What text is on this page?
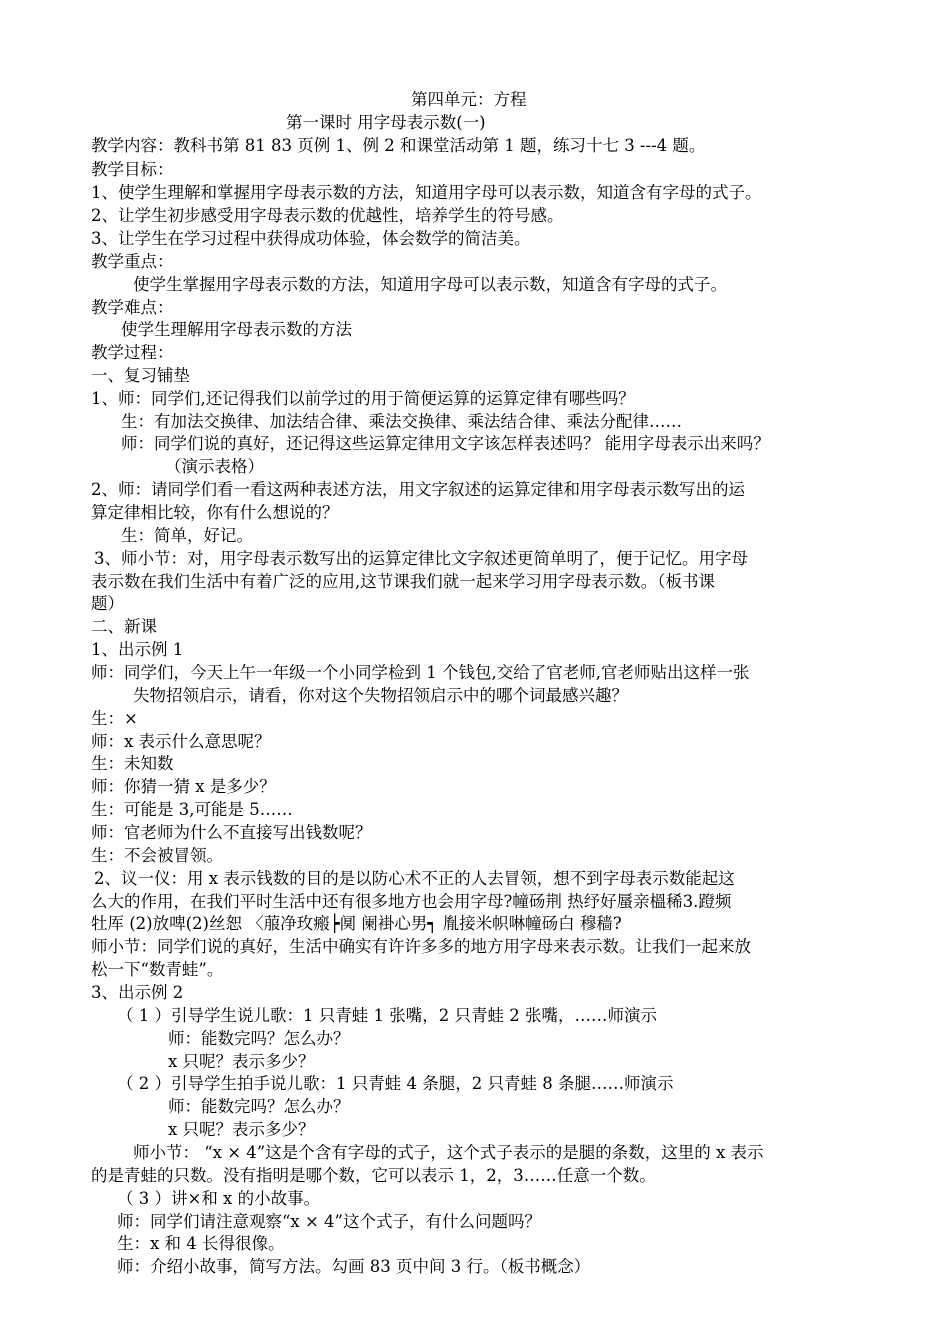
第四单元：方程
第一课时 用字母表示数(一)
教学内容：教科书第 81 83 页例 1、例 2 和课堂活动第 1 题，练习十七 3 ---4 题。
教学目标：
1、使学生理解和掌握用字母表示数的方法，知道用字母可以表示数，知道含有字母的式子。
2、让学生初步感受用字母表示数的优越性，培养学生的符号感。
3、让学生在学习过程中获得成功体验，体会数学的简洁美。
教学重点：
使学生掌握用字母表示数的方法，知道用字母可以表示数，知道含有字母的式子。
教学难点：
使学生理解用字母表示数的方法
教学过程：
一、复习铺垫
1、师：同学们,还记得我们以前学过的用于简便运算的运算定律有哪些吗？
生：有加法交换律、加法结合律、乘法交换律、乘法结合律、乘法分配律……
师：同学们说的真好，还记得这些运算定律用文字该怎样表述吗？ 能用字母表示出来吗？
（演示表格）
2、师：请同学们看一看这两种表述方法，用文字叙述的运算定律和用字母表示数写出的运
算定律相比较，你有什么想说的？
生：简单，好记。
3、师小节：对，用字母表示数写出的运算定律比文字叙述更简单明了，便于记忆。用字母
表示数在我们生活中有着广泛的应用,这节课我们就一起来学习用字母表示数。（板书课
题）
二、新课
1、出示例 1
师：同学们，今天上午一年级一个小同学检到 1 个钱包,交给了官老师,官老师贴出这样一张
失物招领启示，请看，你对这个失物招领启示中的哪个词最感兴趣？
生：×
师：x 表示什么意思呢？
生：未知数
师：你猜一猜 x 是多少？
生：可能是 3,可能是 5……
师：官老师为什么不直接写出钱数呢？
生：不会被冒领。
2、议一仪：用 x 表示钱数的目的是以防心术不正的人去冒领，想不到字母表示数能起这
么大的作用，在我们平时生活中还有很多地方也会用字母?幢砀荆 热纾好蜃亲榲稀3.蹬频
牡厍 (2)放啤(2)丝恕 〈菔净玫瘢┝阒 阑褂心男┑ 胤接米帜啉幢砀白 穆穑?
师小节：同学们说的真好，生活中确实有许许多多的地方用字母来表示数。让我们一起来放
松一下“数青蛙”。
3、出示例 2
（ 1 ）引导学生说儿歌：1 只青蛙 1 张嘴，2 只青蛙 2 张嘴，……师演示
师：能数完吗？怎么办？
x 只呢？表示多少？
（ 2 ）引导学生拍手说儿歌：1 只青蛙 4 条腿，2 只青蛙 8 条腿……师演示
师：能数完吗？怎么办？
x 只呢？表示多少？
师小节： “x × 4”这是个含有字母的式子，这个式子表示的是腿的条数，这里的 x 表示
的是青蛙的只数。没有指明是哪个数，它可以表示 1，2，3……任意一个数。
（ 3 ）讲×和 x 的小故事。
师：同学们请注意观察“x × 4”这个式子，有什么问题吗？
生：x 和 4 长得很像。
师：介绍小故事，简写方法。勾画 83 页中间 3 行。（板书概念）
